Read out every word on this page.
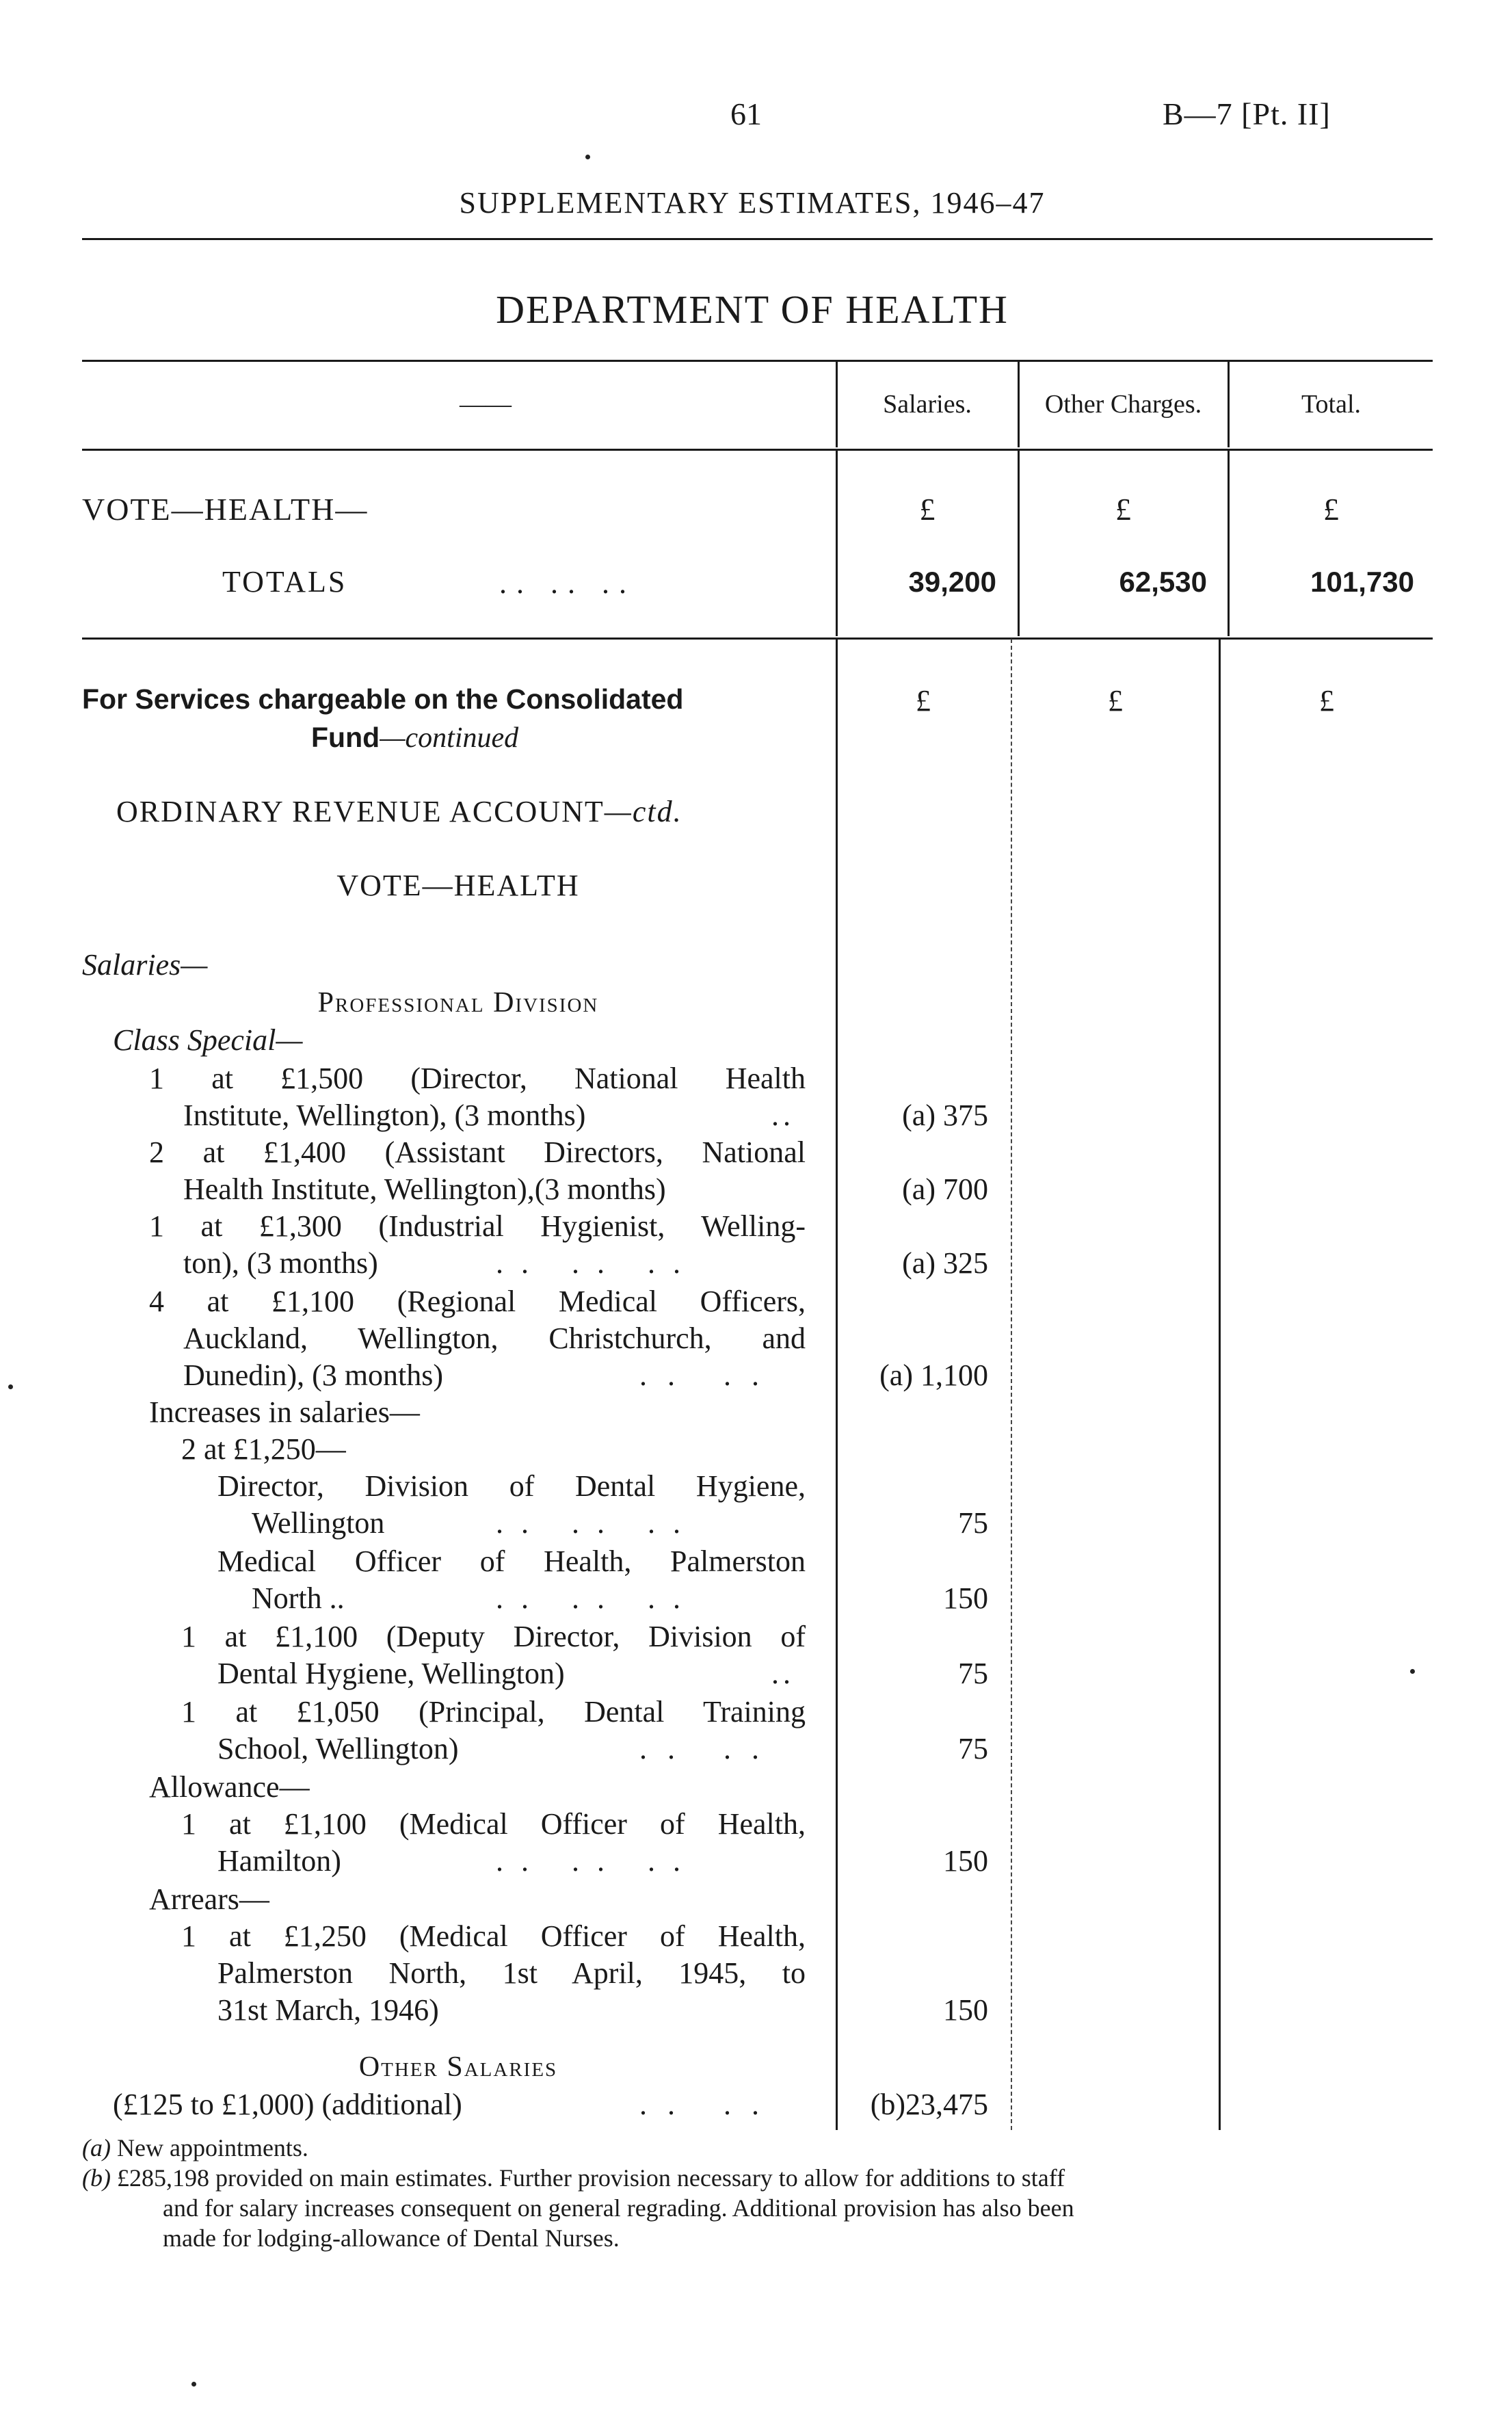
61	B—7 [Pt. II]
SUPPLEMENTARY ESTIMATES, 1946–47
DEPARTMENT OF HEALTH
——	Salaries.	Other Charges.	Total.
VOTE—HEALTH—	£	£	£
TOTALS	.. .. ..	39,200	62,530	101,730
For Services chargeable on the Consolidated
Fund—continued
£	£	£
ORDINARY REVENUE ACCOUNT—ctd.
VOTE—HEALTH
Salaries—
Professional Division
Class Special—
1 at £1,500 (Director, National Health
Institute, Wellington), (3 months)	..	(a) 375
2 at £1,400 (Assistant Directors, National
Health Institute, Wellington),(3 months)	(a) 700
1 at £1,300 (Industrial Hygienist, Welling-
ton), (3 months)	.. .. ..	(a) 325
4 at £1,100 (Regional Medical Officers,
Auckland, Wellington, Christchurch, and
Dunedin), (3 months)	.. ..	(a) 1,100
Increases in salaries—
2 at £1,250—
Director, Division of Dental Hygiene,
Wellington	.. .. ..	75
Medical Officer of Health, Palmerston
North ..	.. .. ..	150
1 at £1,100 (Deputy Director, Division of
Dental Hygiene, Wellington)	..	75
1 at £1,050 (Principal, Dental Training
School, Wellington)	.. ..	75
Allowance—
1 at £1,100 (Medical Officer of Health,
Hamilton)	.. .. ..	150
Arrears—
1 at £1,250 (Medical Officer of Health,
Palmerston North, 1st April, 1945, to
31st March, 1946)	150
Other Salaries
(£125 to £1,000) (additional)	.. ..	(b)23,475
(a) New appointments.
(b) £285,198 provided on main estimates. Further provision necessary to allow for additions to staff
and for salary increases consequent on general regrading. Additional provision has also been
made for lodging-allowance of Dental Nurses.
